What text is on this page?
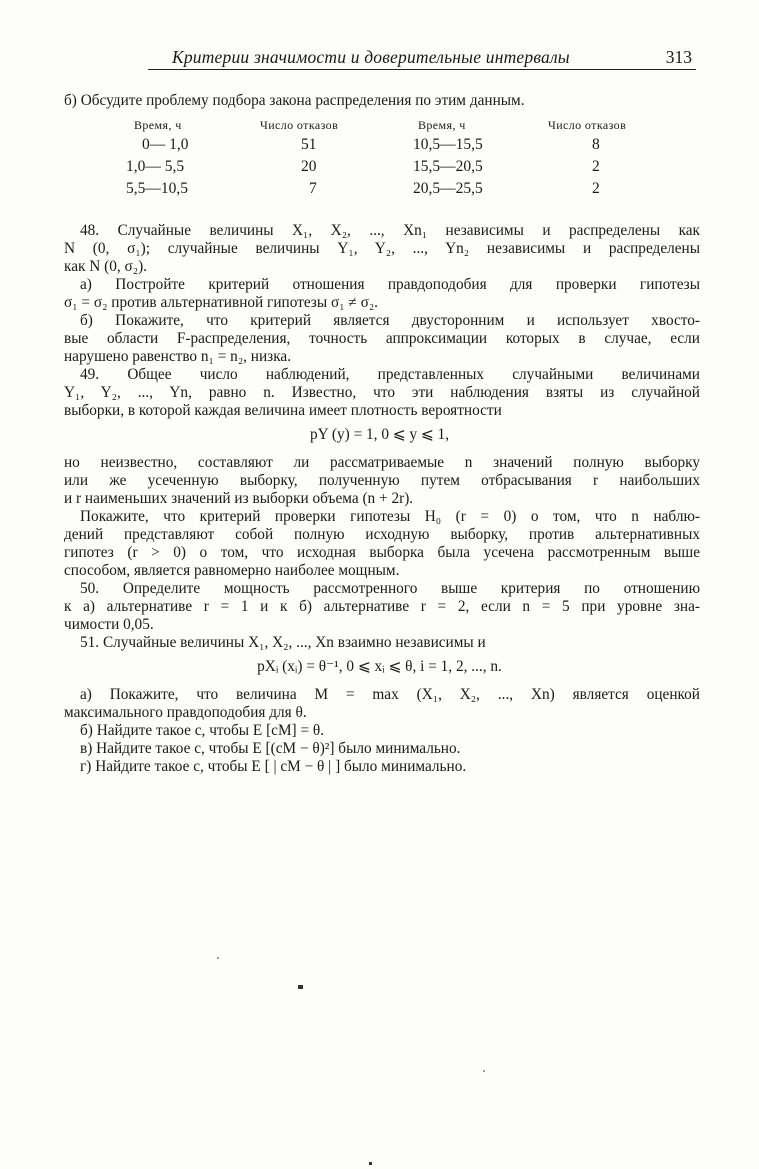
Критерии значимости и доверительные интервалы	313
б) Обсудите проблему подбора закона распределения по этим данным.
Время, ч	Число отказов	Время, ч	Число отказов
0— 1,0	51	10,5—15,5	8
1,0— 5,5	20	15,5—20,5	2
5,5—10,5	7	20,5—25,5	2
48. Случайные величины X₁, X₂, ..., Xn₁ независимы и распределены как
N (0, σ₁); случайные величины Y₁, Y₂, ..., Yn₂ независимы и распределены
как N (0, σ₂).
а) Постройте критерий отношения правдоподобия для проверки гипотезы
σ₁ = σ₂ против альтернативной гипотезы σ₁ ≠ σ₂.
б) Покажите, что критерий является двусторонним и использует хвосто-
вые области F-распределения, точность аппроксимации которых в случае, если
нарушено равенство n₁ = n₂, низка.
49. Общее число наблюдений, представленных случайными величинами
Y₁, Y₂, ..., Yn, равно n. Известно, что эти наблюдения взяты из случайной
выборки, в которой каждая величина имеет плотность вероятности
pY (y) = 1, 0 ⩽ y ⩽ 1,
но неизвестно, составляют ли рассматриваемые n значений полную выборку
или же усеченную выборку, полученную путем отбрасывания r наибольших
и r наименьших значений из выборки объема (n + 2r).
Покажите, что критерий проверки гипотезы H₀ (r = 0) о том, что n наблю-
дений представляют собой полную исходную выборку, против альтернативных
гипотез (r > 0) о том, что исходная выборка была усечена рассмотренным выше
способом, является равномерно наиболее мощным.
50. Определите мощность рассмотренного выше критерия по отношению
к а) альтернативе r = 1 и к б) альтернативе r = 2, если n = 5 при уровне зна-
чимости 0,05.
51. Случайные величины X₁, X₂, ..., Xn взаимно независимы и
pXᵢ (xᵢ) = θ⁻¹, 0 ⩽ xᵢ ⩽ θ, i = 1, 2, ..., n.
а) Покажите, что величина M = max (X₁, X₂, ..., Xn) является оценкой
максимального правдоподобия для θ.
б) Найдите такое c, чтобы E [cM] = θ.
в) Найдите такое c, чтобы E [(cM − θ)²] было минимально.
г) Найдите такое c, чтобы E [ | cM − θ | ] было минимально.
